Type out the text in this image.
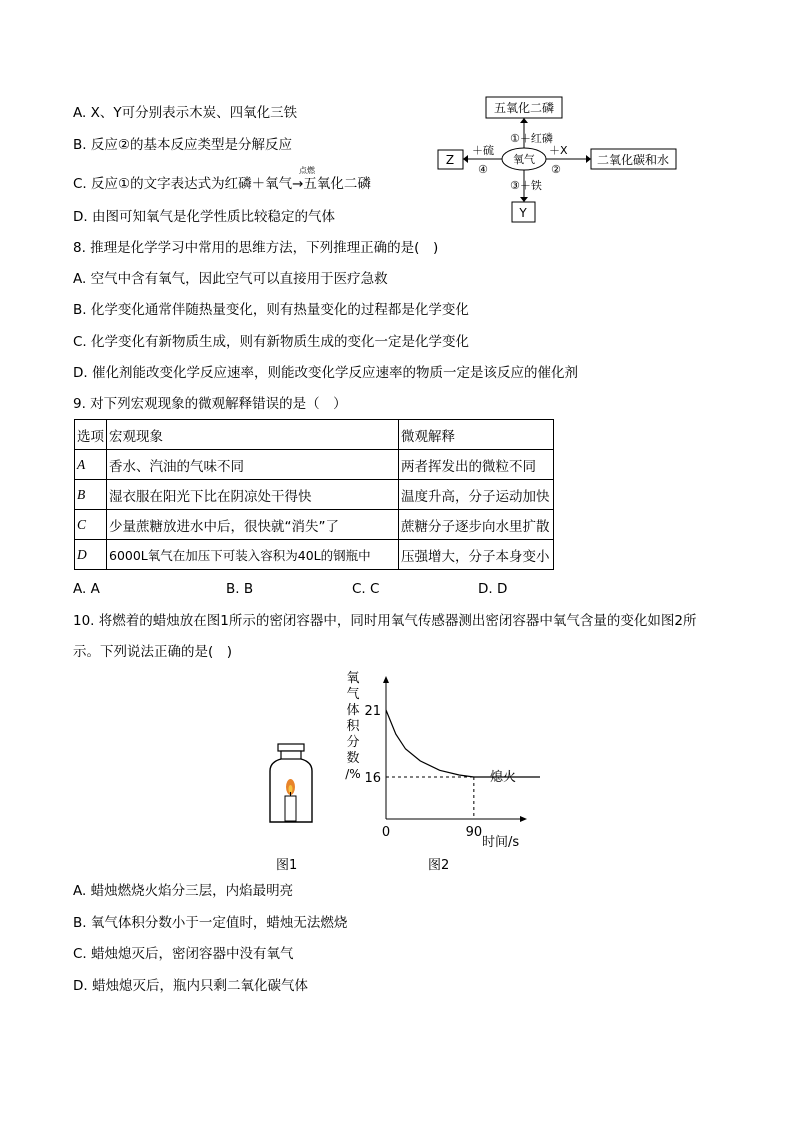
A. X、Y可分别表示木炭、四氧化三铁
B. 反应②的基本反应类型是分解反应
C. 反应①的文字表达式为红磷＋氧气→五氧化二磷
点燃
D. 由图可知氧气是化学性质比较稳定的气体
五氧化二磷
①＋红磷
氧气
＋X
②
二氧化碳和水
＋硫
④
Z
③＋铁
Y
8. 推理是化学学习中常用的思维方法，下列推理正确的是(　)
A. 空气中含有氧气，因此空气可以直接用于医疗急救
B. 化学变化通常伴随热量变化，则有热量变化的过程都是化学变化
C. 化学变化有新物质生成，则有新物质生成的变化一定是化学变化
D. 催化剂能改变化学反应速率，则能改变化学反应速率的物质一定是该反应的催化剂
9. 对下列宏观现象的微观解释错误的是（　）
选项	宏观现象	微观解释
A	香水、汽油的气味不同	两者挥发出的微粒不同
B	湿衣服在阳光下比在阴凉处干得快	温度升高，分子运动加快
C	少量蔗糖放进水中后，很快就“消失”了	蔗糖分子逐步向水里扩散
D	6000L氧气在加压下可装入容积为40L的钢瓶中	压强增大，分子本身变小
A. A	B. B	C. C	D. D
10. 将燃着的蜡烛放在图1所示的密闭容器中，同时用氧气传感器测出密闭容器中氧气含量的变化如图2所
示。下列说法正确的是(　)
图1
氧
气
体
积
分
数
/%
21
16
0	90
熄火
时间/s
图2
A. 蜡烛燃烧火焰分三层，内焰最明亮
B. 氧气体积分数小于一定值时，蜡烛无法燃烧
C. 蜡烛熄灭后，密闭容器中没有氧气
D. 蜡烛熄灭后，瓶内只剩二氧化碳气体
